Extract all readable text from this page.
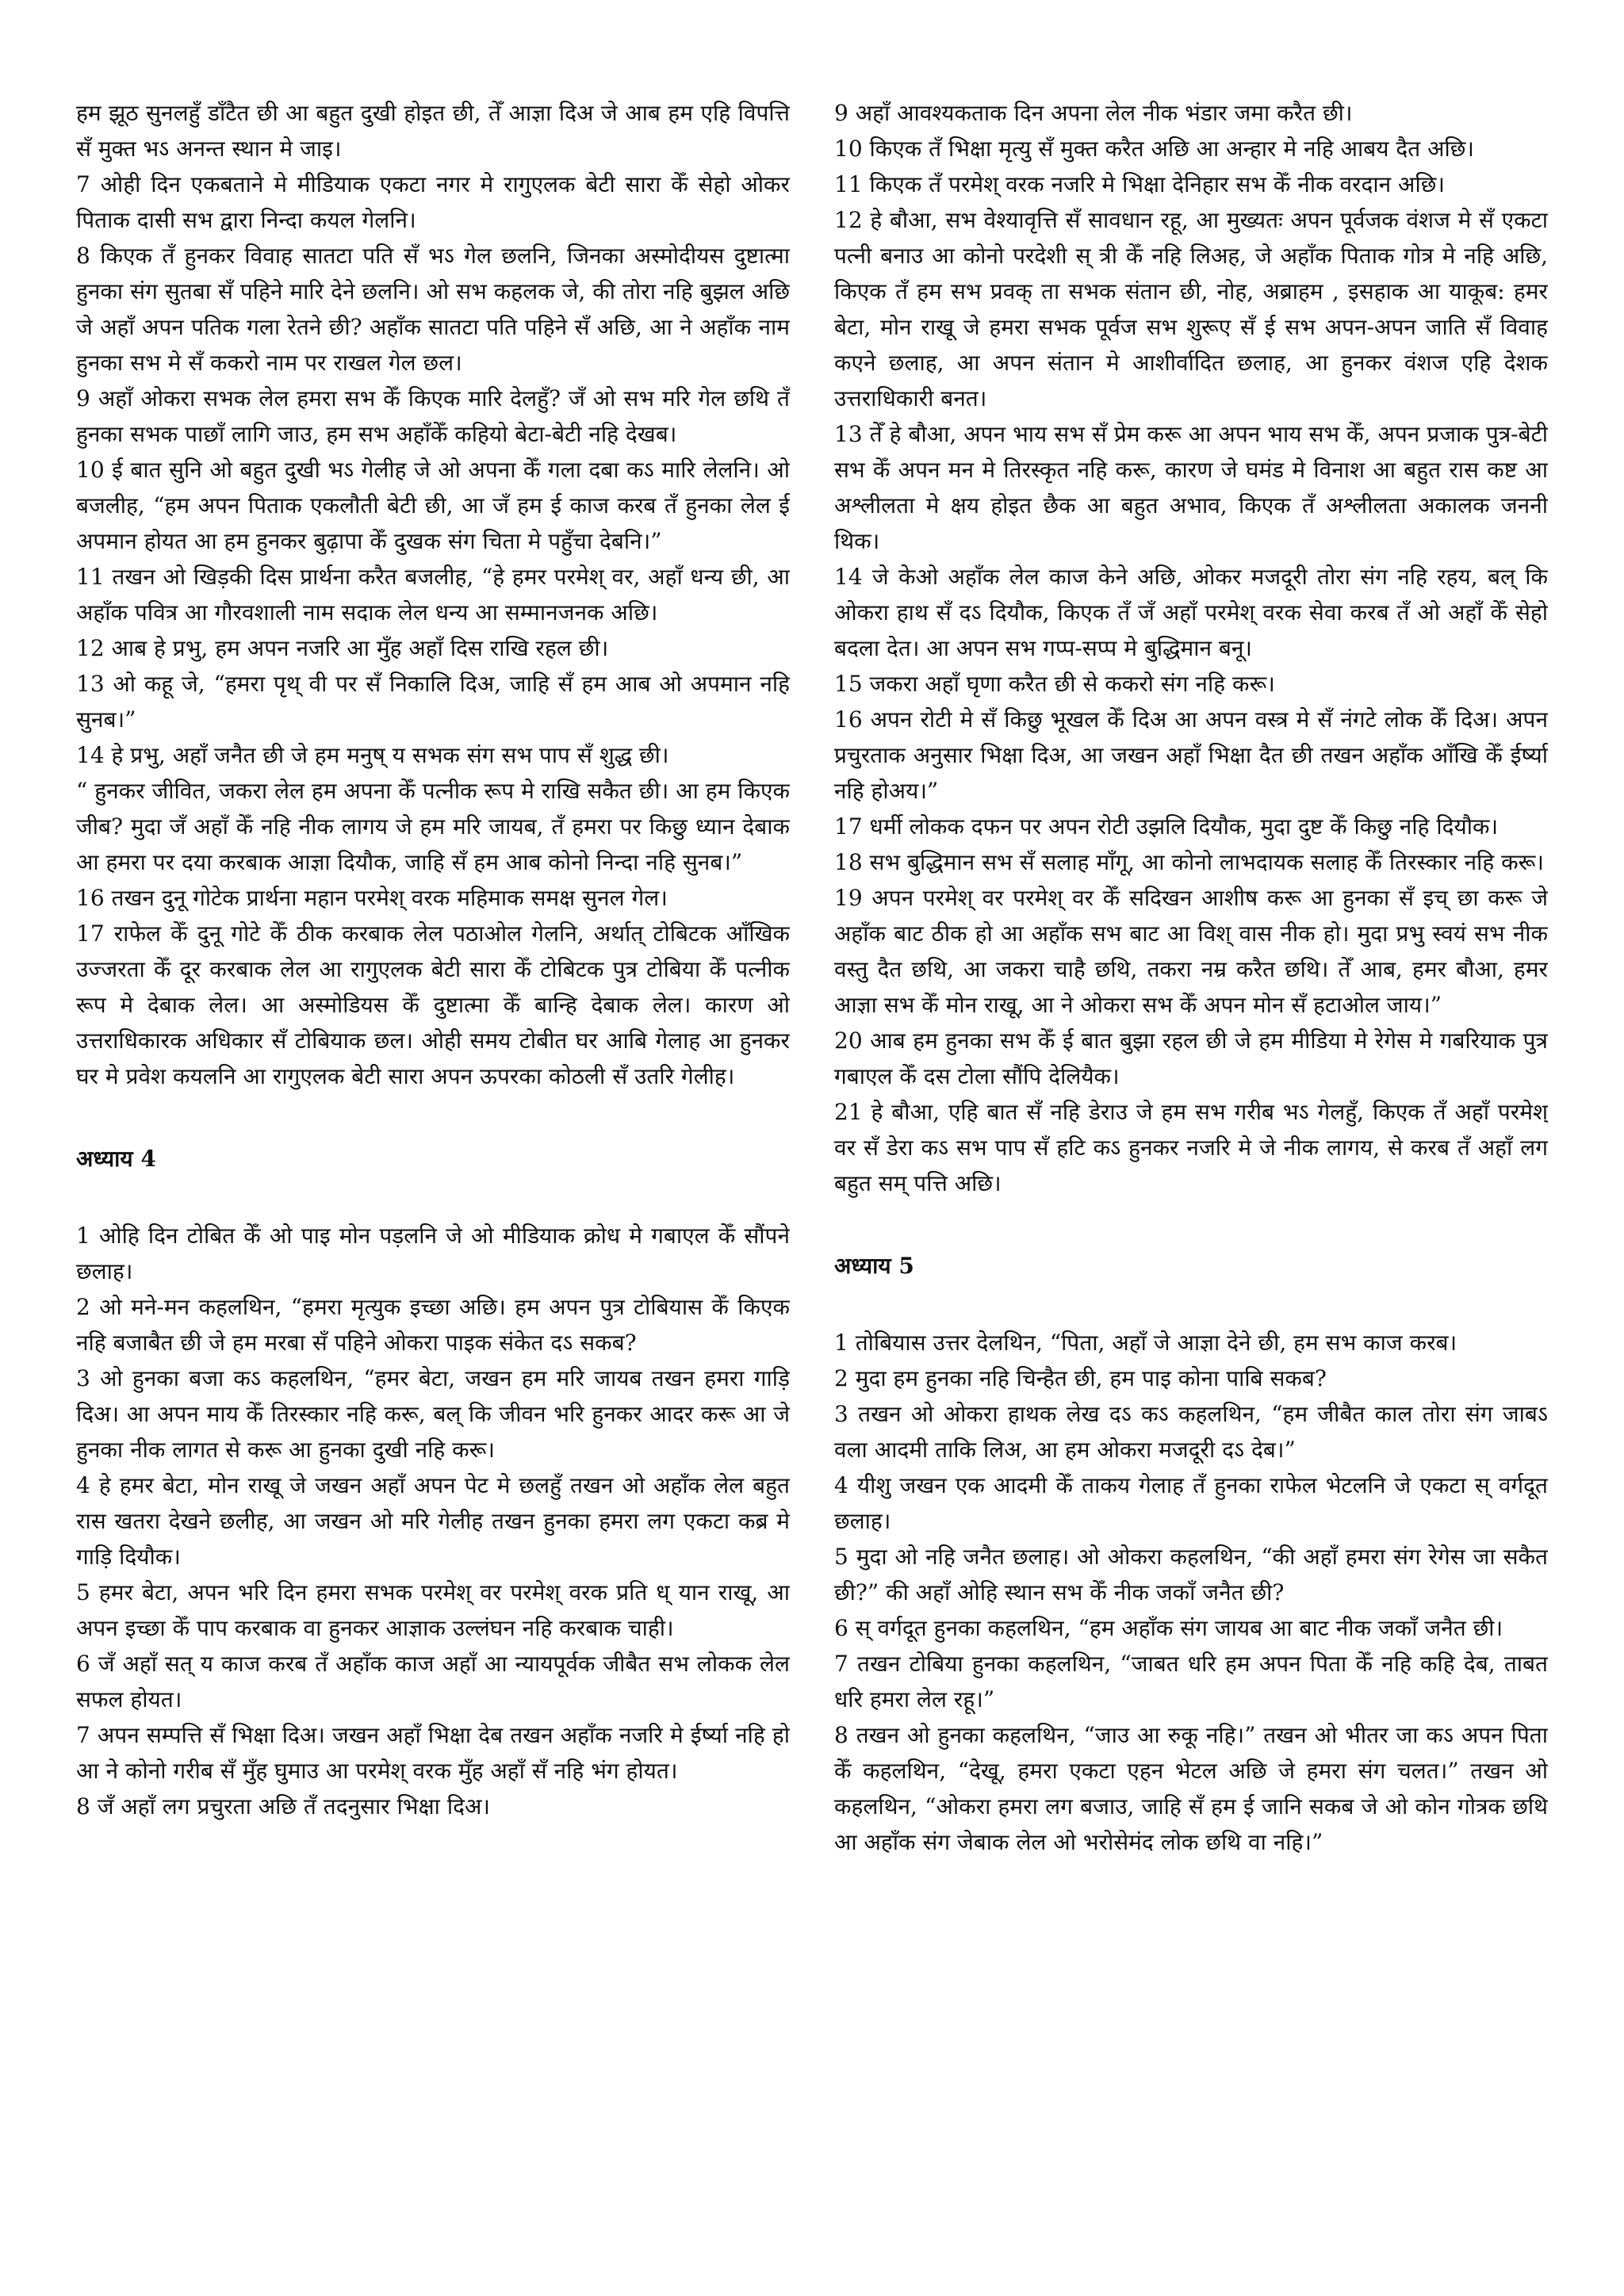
हम झूठ सुनलहुँ डाँटैत छी आ बहुत दुखी होइत छी, तेँ आज्ञा दिअ जे आब हम एहि विपत्ति सँ मुक्त भऽ अनन्त स्थान मे जाइ।

7 ओही दिन एकबताने मे मीडियाक एकटा नगर मे रागुएलक बेटी सारा केँ सेहो ओकर पिताक दासी सभ द्वारा निन्दा कयल गेलनि।

8 किएक तँ हुनकर विवाह सातटा पति सँ भऽ गेल छलनि, जिनका अस्मोदीयस दुष्टात्मा हुनका संग सुतबा सँ पहिने मारि देने छलनि। ओ सभ कहलक जे, की तोरा नहि बुझल अछि जे अहाँ अपन पतिक गला रेतने छी? अहाँक सातटा पति पहिने सँ अछि, आ ने अहाँक नाम हुनका सभ मे सँ ककरो नाम पर राखल गेल छल।

9 अहाँ ओकरा सभक लेल हमरा सभ केँ किएक मारि देलहुँ? जँ ओ सभ मरि गेल छथि तँ हुनका सभक पाछाँ लागि जाउ, हम सभ अहाँकेँ कहियो बेटा-बेटी नहि देखब।

10 ई बात सुनि ओ बहुत दुखी भऽ गेलीह जे ओ अपना केँ गला दबा कऽ मारि लेलनि। ओ बजलीह, “हम अपन पिताक एकलौती बेटी छी, आ जँ हम ई काज करब तँ हुनका लेल ई अपमान होयत आ हम हुनकर बुढ़ापा केँ दुखक संग चिता मे पहुँचा देबनि।”

11 तखन ओ खिड़की दिस प्रार्थना करैत बजलीह, “हे हमर परमेश् वर, अहाँ धन्य छी, आ अहाँक पवित्र आ गौरवशाली नाम सदाक लेल धन्य आ सम्मानजनक अछि।

12 आब हे प्रभु, हम अपन नजरि आ मुँह अहाँ दिस राखि रहल छी।

13 ओ कहू जे, “हमरा पृथ् वी पर सँ निकालि दिअ, जाहि सँ हम आब ओ अपमान नहि सुनब।”

14 हे प्रभु, अहाँ जनैत छी जे हम मनुष् य सभक संग सभ पाप सँ शुद्ध छी।

“ हुनकर जीवित, जकरा लेल हम अपना केँ पत्नीक रूप मे राखि सकैत छी। आ हम किएक जीब? मुदा जँ अहाँ केँ नहि नीक लागय जे हम मरि जायब, तँ हमरा पर किछु ध्यान देबाक आ हमरा पर दया करबाक आज्ञा दियौक, जाहि सँ हम आब कोनो निन्दा नहि सुनब।”

16 तखन दुनू गोटेक प्रार्थना महान परमेश् वरक महिमाक समक्ष सुनल गेल।

17 राफेल केँ दुनू गोटे केँ ठीक करबाक लेल पठाओल गेलनि, अर्थात् टोबिटक आँखिक उज्जरता केँ दूर करबाक लेल आ रागुएलक बेटी सारा केँ टोबिटक पुत्र टोबिया केँ पत्नीक रूप मे देबाक लेल। आ अस्मोडियस केँ दुष्टात्मा केँ बान्हि देबाक लेल। कारण ओ उत्तराधिकारक अधिकार सँ टोबियाक छल। ओही समय टोबीत घर आबि गेलाह आ हुनकर घर मे प्रवेश कयलनि आ रागुएलक बेटी सारा अपन ऊपरका कोठली सँ उतरि गेलीह।

अध्याय 4

1 ओहि दिन टोबित केँ ओ पाइ मोन पड़लनि जे ओ मीडियाक क्रोध मे गबाएल केँ सौंपने छलाह।

2 ओ मने-मन कहलथिन, “हमरा मृत्युक इच्छा अछि। हम अपन पुत्र टोबियास केँ किएक नहि बजाबैत छी जे हम मरबा सँ पहिने ओकरा पाइक संकेत दऽ सकब?

3 ओ हुनका बजा कऽ कहलथिन, “हमर बेटा, जखन हम मरि जायब तखन हमरा गाड़ि दिअ। आ अपन माय केँ तिरस्कार नहि करू, बल् कि जीवन भरि हुनकर आदर करू आ जे हुनका नीक लागत से करू आ हुनका दुखी नहि करू।

4 हे हमर बेटा, मोन राखू जे जखन अहाँ अपन पेट मे छलहुँ तखन ओ अहाँक लेल बहुत रास खतरा देखने छलीह, आ जखन ओ मरि गेलीह तखन हुनका हमरा लग एकटा कब्र मे गाड़ि दियौक।

5 हमर बेटा, अपन भरि दिन हमरा सभक परमेश् वर परमेश् वरक प्रति ध् यान राखू, आ अपन इच्छा केँ पाप करबाक वा हुनकर आज्ञाक उल्लंघन नहि करबाक चाही।

6 जँ अहाँ सत् य काज करब तँ अहाँक काज अहाँ आ न्यायपूर्वक जीबैत सभ लोकक लेल सफल होयत।

7 अपन सम्पत्ति सँ भिक्षा दिअ। जखन अहाँ भिक्षा देब तखन अहाँक नजरि मे ईर्ष्या नहि हो आ ने कोनो गरीब सँ मुँह घुमाउ आ परमेश् वरक मुँह अहाँ सँ नहि भंग होयत।

8 जँ अहाँ लग प्रचुरता अछि तँ तदनुसार भिक्षा दिअ।

9 अहाँ आवश्यकताक दिन अपना लेल नीक भंडार जमा करैत छी।

10 किएक तँ भिक्षा मृत्यु सँ मुक्त करैत अछि आ अन्हार मे नहि आबय दैत अछि।

11 किएक तँ परमेश् वरक नजरि मे भिक्षा देनिहार सभ केँ नीक वरदान अछि।

12 हे बौआ, सभ वेश्यावृत्ति सँ सावधान रहू, आ मुख्यतः अपन पूर्वजक वंशज मे सँ एकटा पत्नी बनाउ आ कोनो परदेशी स् त्री केँ नहि लिअह, जे अहाँक पिताक गोत्र मे नहि अछि, किएक तँ हम सभ प्रवक् ता सभक संतान छी, नोह, अब्राहम , इसहाक आ याकूब: हमर बेटा, मोन राखू जे हमरा सभक पूर्वज सभ शुरूए सँ ई सभ अपन-अपन जाति सँ विवाह कएने छलाह, आ अपन संतान मे आशीर्वादित छलाह, आ हुनकर वंशज एहि देशक उत्तराधिकारी बनत।

13 तेँ हे बौआ, अपन भाय सभ सँ प्रेम करू आ अपन भाय सभ केँ, अपन प्रजाक पुत्र-बेटी सभ केँ अपन मन मे तिरस्कृत नहि करू, कारण जे घमंड मे विनाश आ बहुत रास कष्ट आ अश्लीलता मे क्षय होइत छैक आ बहुत अभाव, किएक तँ अश्लीलता अकालक जननी थिक।

14 जे केओ अहाँक लेल काज केने अछि, ओकर मजदूरी तोरा संग नहि रहय, बल् कि ओकरा हाथ सँ दऽ दियौक, किएक तँ जँ अहाँ परमेश् वरक सेवा करब तँ ओ अहाँ केँ सेहो बदला देत। आ अपन सभ गप्प-सप्प मे बुद्धिमान बनू।

15 जकरा अहाँ घृणा करैत छी से ककरो संग नहि करू।

16 अपन रोटी मे सँ किछु भूखल केँ दिअ आ अपन वस्त्र मे सँ नंगटे लोक केँ दिअ। अपन प्रचुरताक अनुसार भिक्षा दिअ, आ जखन अहाँ भिक्षा दैत छी तखन अहाँक आँखि केँ ईर्ष्या नहि होअय।”

17 धर्मी लोकक दफन पर अपन रोटी उझलि दियौक, मुदा दुष्ट केँ किछु नहि दियौक।

18 सभ बुद्धिमान सभ सँ सलाह माँगू, आ कोनो लाभदायक सलाह केँ तिरस्कार नहि करू।

19 अपन परमेश् वर परमेश् वर केँ सदिखन आशीष करू आ हुनका सँ इच् छा करू जे अहाँक बाट ठीक हो आ अहाँक सभ बाट आ विश् वास नीक हो। मुदा प्रभु स्वयं सभ नीक वस्तु दैत छथि, आ जकरा चाहै छथि, तकरा नम्र करैत छथि। तेँ आब, हमर बौआ, हमर आज्ञा सभ केँ मोन राखू, आ ने ओकरा सभ केँ अपन मोन सँ हटाओल जाय।”

20 आब हम हुनका सभ केँ ई बात बुझा रहल छी जे हम मीडिया मे रेगेस मे गबरियाक पुत्र गबाएल केँ दस टोला सौंपि देलियैक।

21 हे बौआ, एहि बात सँ नहि डेराउ जे हम सभ गरीब भऽ गेलहुँ, किएक तँ अहाँ परमेश् वर सँ डेरा कऽ सभ पाप सँ हटि कऽ हुनकर नजरि मे जे नीक लागय, से करब तँ अहाँ लग बहुत सम् पत्ति अछि।

अध्याय 5

1 तोबियास उत्तर देलथिन, “पिता, अहाँ जे आज्ञा देने छी, हम सभ काज करब।

2 मुदा हम हुनका नहि चिन्हैत छी, हम पाइ कोना पाबि सकब?

3 तखन ओ ओकरा हाथक लेख दऽ कऽ कहलथिन, “हम जीबैत काल तोरा संग जाबऽ वला आदमी ताकि लिअ, आ हम ओकरा मजदूरी दऽ देब।”

4 यीशु जखन एक आदमी केँ ताकय गेलाह तँ हुनका राफेल भेटलनि जे एकटा स् वर्गदूत छलाह।

5 मुदा ओ नहि जनैत छलाह। ओ ओकरा कहलथिन, “की अहाँ हमरा संग रेगेस जा सकैत छी?” की अहाँ ओहि स्थान सभ केँ नीक जकाँ जनैत छी?

6 स् वर्गदूत हुनका कहलथिन, “हम अहाँक संग जायब आ बाट नीक जकाँ जनैत छी।

7 तखन टोबिया हुनका कहलथिन, “जाबत धरि हम अपन पिता केँ नहि कहि देब, ताबत धरि हमरा लेल रहू।”

8 तखन ओ हुनका कहलथिन, “जाउ आ रुकू नहि।” तखन ओ भीतर जा कऽ अपन पिता केँ कहलथिन, “देखू, हमरा एकटा एहन भेटल अछि जे हमरा संग चलत।” तखन ओ कहलथिन, “ओकरा हमरा लग बजाउ, जाहि सँ हम ई जानि सकब जे ओ कोन गोत्रक छथि आ अहाँक संग जेबाक लेल ओ भरोसेमंद लोक छथि वा नहि।”
